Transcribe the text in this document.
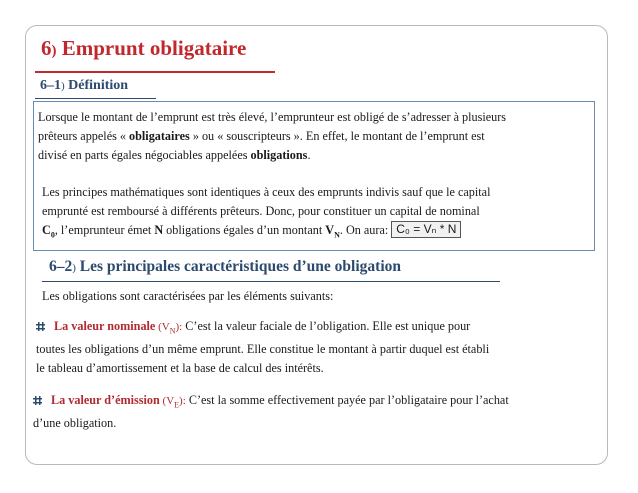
6) Emprunt obligataire
6–1) Définition
Lorsque le montant de l’emprunt est très élevé, l’emprunteur est obligé de s’adresser à plusieurs
prêteurs appelés « obligataires » ou « souscripteurs ». En effet, le montant de l’emprunt est
divisé en parts égales négociables appelées obligations.
Les principes mathématiques sont identiques à ceux des emprunts indivis sauf que le capital
emprunté est remboursé à différents prêteurs. Donc, pour constituer un capital de nominal
$C_0$, l’emprunteur émet N obligations égales d’un montant $V_N$. On aura: C₀ = Vₙ * N
6–2) Les principales caractéristiques d’une obligation
Les obligations sont caractérisées par les éléments suivants:
La valeur nominale $(V_N)$: C’est la valeur faciale de l’obligation. Elle est unique pour
toutes les obligations d’un même emprunt. Elle constitue le montant à partir duquel est établi
le tableau d’amortissement et la base de calcul des intérêts.
La valeur d’émission $(V_E)$: C’est la somme effectivement payée par l’obligataire pour l’achat
d’une obligation.
